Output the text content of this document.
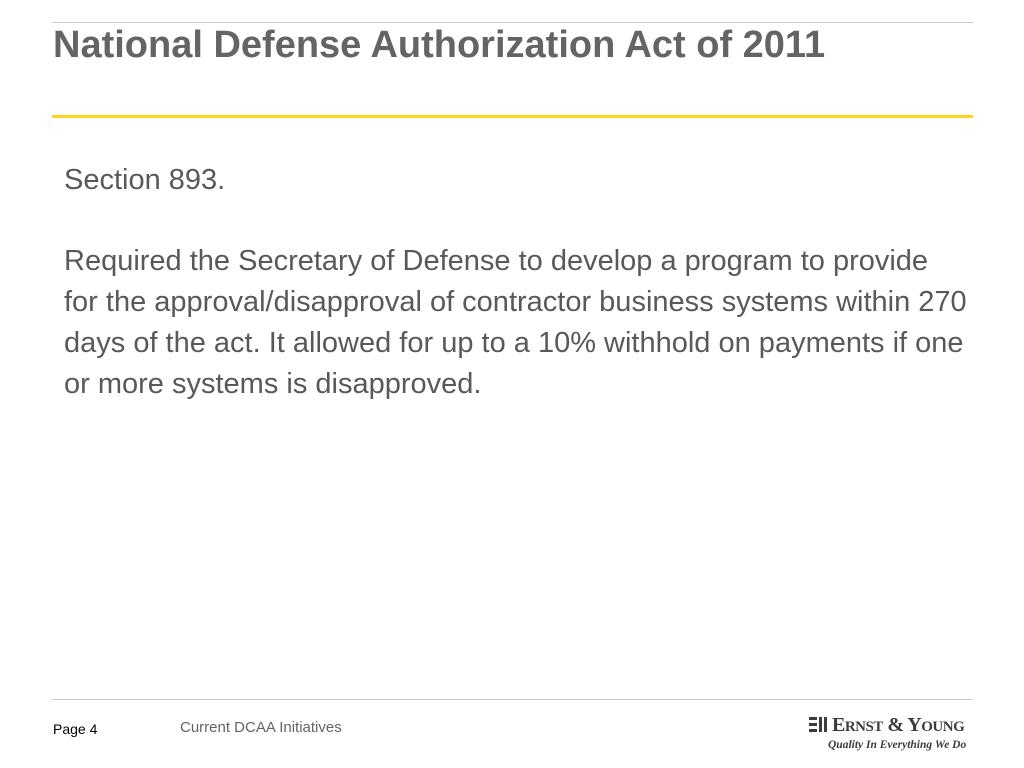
National Defense Authorization Act of 2011

Section 893.

Required the Secretary of Defense to develop a program to provide for the approval/disapproval of contractor business systems within 270 days of the act. It allowed for up to a 10% withhold on payments if one or more systems is disapproved.

Page 4	Current DCAA Initiatives	ERNST & YOUNG
Quality In Everything We Do
